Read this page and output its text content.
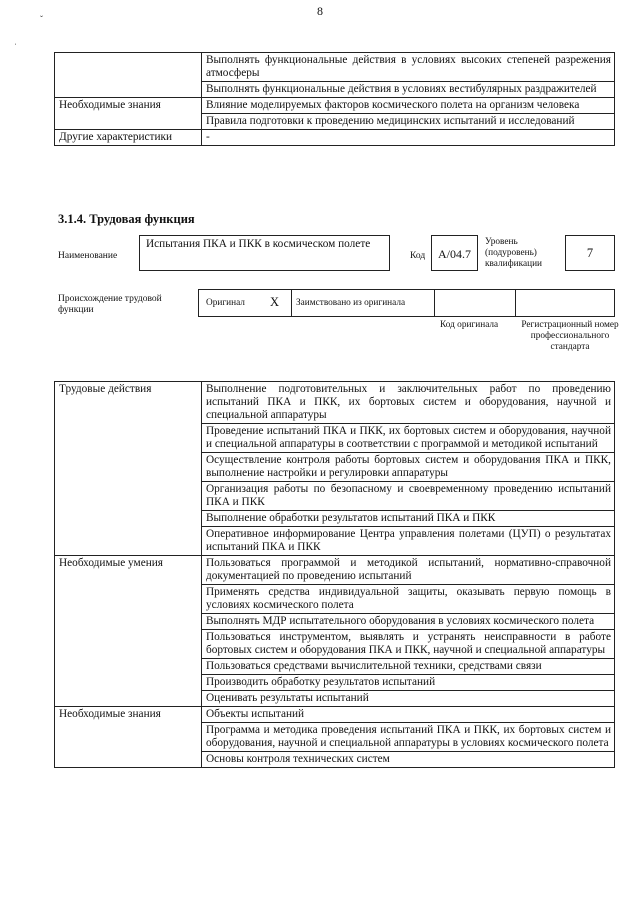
ˇ
ˈ
8
	Выполнять функциональные действия в условиях высоких степеней разрежения атмосферы
	Выполнять функциональные действия в условиях вестибулярных раздражителей
Необходимые знания	Влияние моделируемых факторов космического полета на организм человека
	Правила подготовки к проведению медицинских испытаний и исследований
Другие характеристики	-
3.1.4. Трудовая функция
Наименование
Испытания ПКА и ПКК в космическом полете
Код	А/04.7
Уровень (подуровень) квалификации
7
Происхождение трудовой функции
Оригинал X Заимствовано из оригинала
Код оригинала	Регистрационный номер профессионального стандарта
Трудовые действия	Выполнение подготовительных и заключительных работ по проведению испытаний ПКА и ПКК, их бортовых систем и оборудования, научной и специальной аппаратуры
	Проведение испытаний ПКА и ПКК, их бортовых систем и оборудования, научной и специальной аппаратуры в соответствии с программой и методикой испытаний
	Осуществление контроля работы бортовых систем и оборудования ПКА и ПКК, выполнение настройки и регулировки аппаратуры
	Организация работы по безопасному и своевременному проведению испытаний ПКА и ПКК
	Выполнение обработки результатов испытаний ПКА и ПКК
	Оперативное информирование Центра управления полетами (ЦУП) о результатах испытаний ПКА и ПКК
Необходимые умения	Пользоваться программой и методикой испытаний, нормативно-справочной документацией по проведению испытаний
	Применять средства индивидуальной защиты, оказывать первую помощь в условиях космического полета
	Выполнять МДР испытательного оборудования в условиях космического полета
	Пользоваться инструментом, выявлять и устранять неисправности в работе бортовых систем и оборудования ПКА и ПКК, научной и специальной аппаратуры
	Пользоваться средствами вычислительной техники, средствами связи
	Производить обработку результатов испытаний
	Оценивать результаты испытаний
Необходимые знания	Объекты испытаний
	Программа и методика проведения испытаний ПКА и ПКК, их бортовых систем и оборудования, научной и специальной аппаратуры в условиях космического полета
	Основы контроля технических систем
